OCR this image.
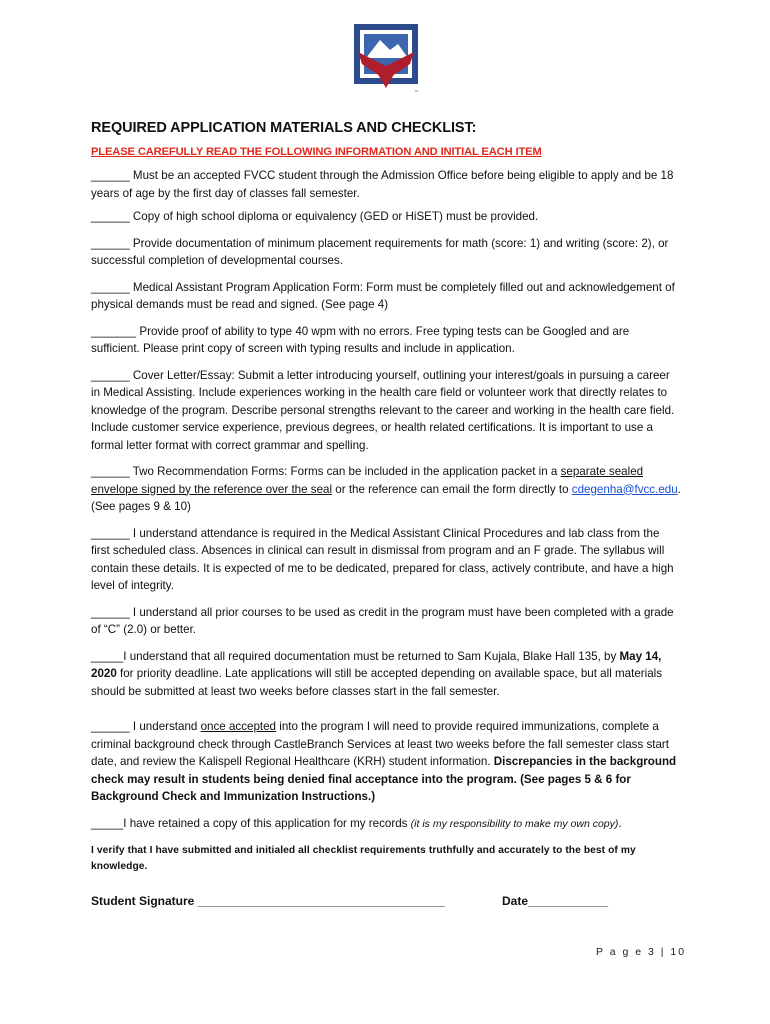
™
REQUIRED APPLICATION MATERIALS AND CHECKLIST:
PLEASE CAREFULLY READ THE FOLLOWING INFORMATION AND INITIAL EACH ITEM
______ Must be an accepted FVCC student through the Admission Office before being eligible to apply and be 18 years of age by the first day of classes fall semester.
______ Copy of high school diploma or equivalency (GED or HiSET) must be provided.
______ Provide documentation of minimum placement requirements for math (score: 1) and writing (score: 2), or successful completion of developmental courses.
______ Medical Assistant Program Application Form: Form must be completely filled out and acknowledgement of physical demands must be read and signed. (See page 4)
_______ Provide proof of ability to type 40 wpm with no errors. Free typing tests can be Googled and are sufficient. Please print copy of screen with typing results and include in application.
______ Cover Letter/Essay: Submit a letter introducing yourself, outlining your interest/goals in pursuing a career in Medical Assisting. Include experiences working in the health care field or volunteer work that directly relates to knowledge of the program. Describe personal strengths relevant to the career and working in the health care field. Include customer service experience, previous degrees, or health related certifications. It is important to use a formal letter format with correct grammar and spelling.
______ Two Recommendation Forms: Forms can be included in the application packet in a separate sealed envelope signed by the reference over the seal or the reference can email the form directly to cdegenha@fvcc.edu. (See pages 9 & 10)
______ I understand attendance is required in the Medical Assistant Clinical Procedures and lab class from the first scheduled class. Absences in clinical can result in dismissal from program and an F grade. The syllabus will contain these details. It is expected of me to be dedicated, prepared for class, actively contribute, and have a high level of integrity.
______ I understand all prior courses to be used as credit in the program must have been completed with a grade of “C” (2.0) or better.
_____I understand that all required documentation must be returned to Sam Kujala, Blake Hall 135, by May 14, 2020 for priority deadline. Late applications will still be accepted depending on available space, but all materials should be submitted at least two weeks before classes start in the fall semester.
______ I understand once accepted into the program I will need to provide required immunizations, complete a criminal background check through CastleBranch Services at least two weeks before the fall semester class start date, and review the Kalispell Regional Healthcare (KRH) student information. Discrepancies in the background check may result in students being denied final acceptance into the program. (See pages 5 & 6 for Background Check and Immunization Instructions.)
_____I have retained a copy of this application for my records (it is my responsibility to make my own copy).
I verify that I have submitted and initialed all checklist requirements truthfully and accurately to the best of my knowledge.
Student Signature _____________________________________	Date____________
P a g e 3 | 10
